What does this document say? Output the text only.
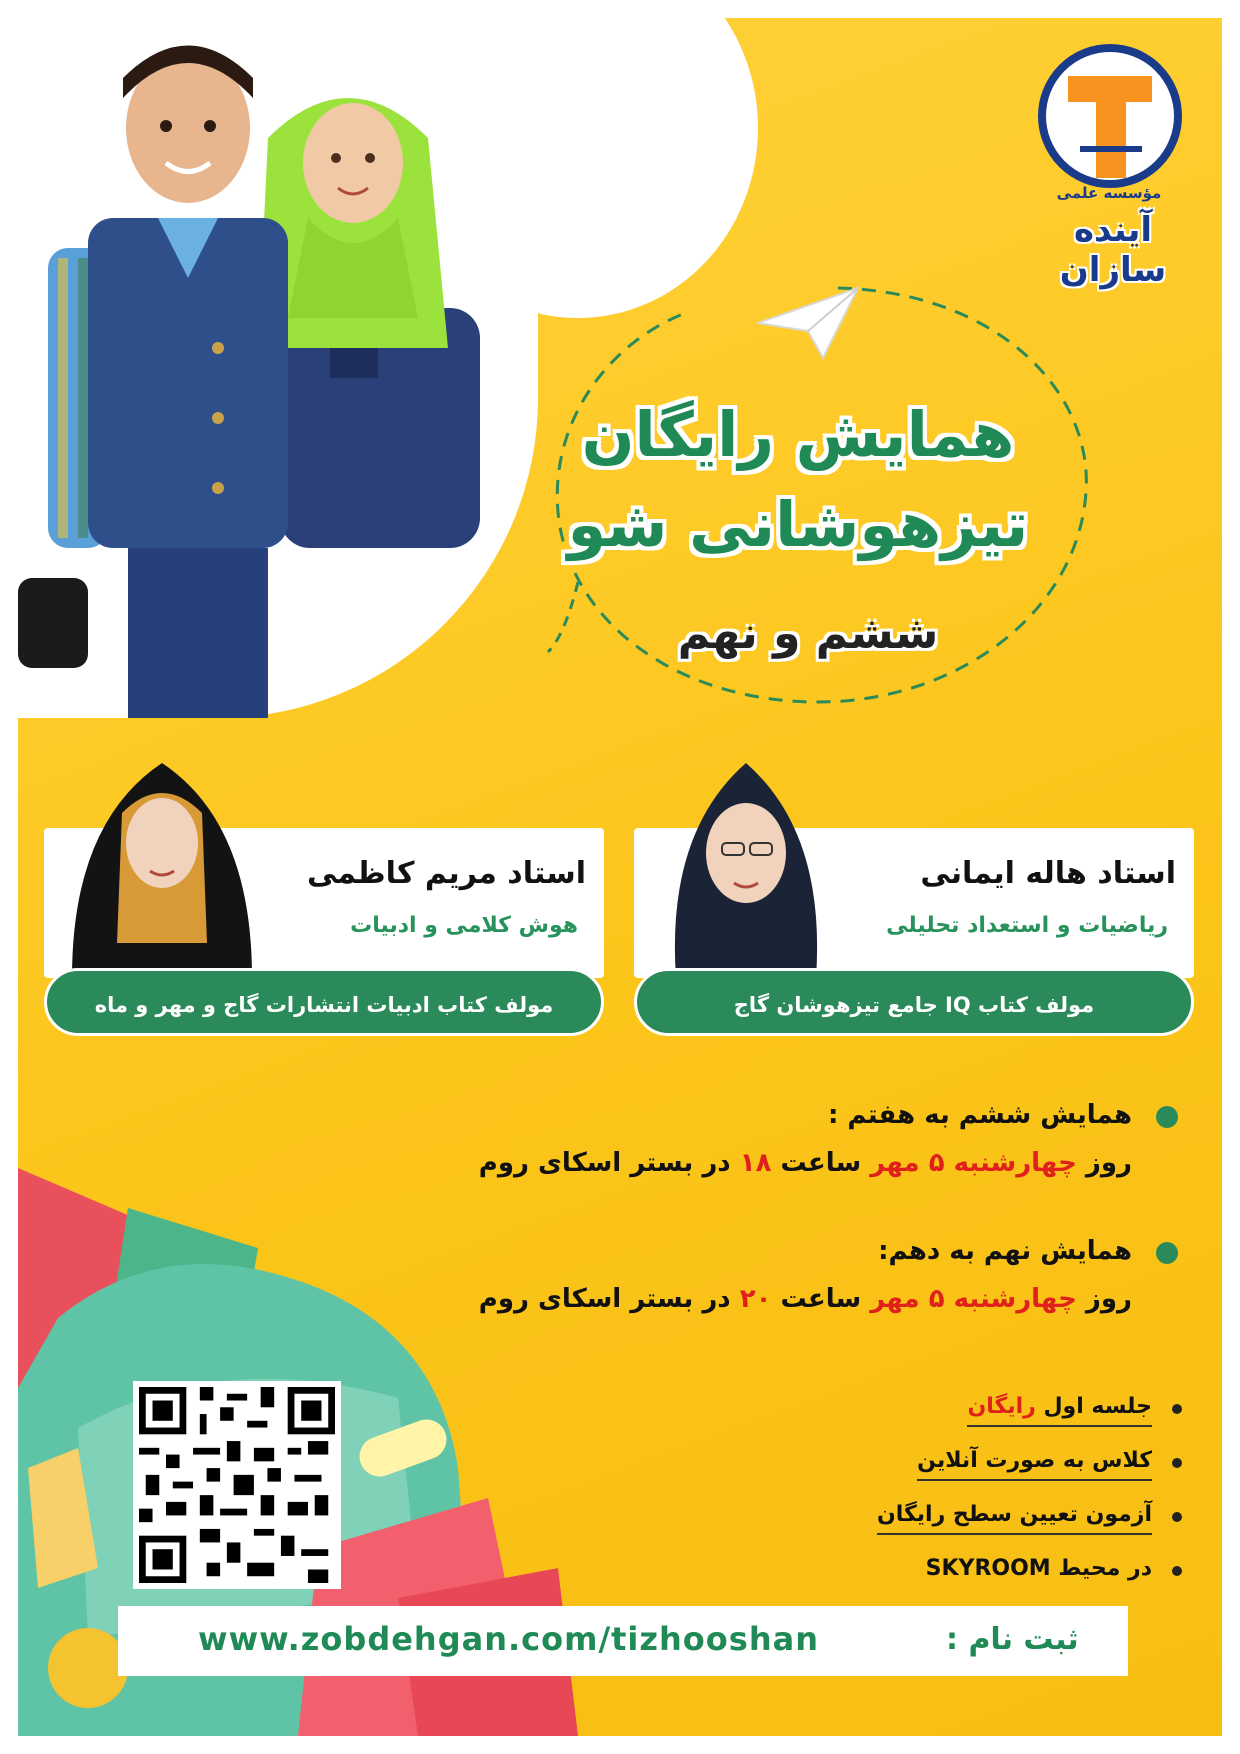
مؤسسه علمی
آینده سازان
همایش رایگان
تیزهوشانی شو
ششم و نهم
استاد هاله ایمانی
ریاضیات و استعداد تحلیلی
مولف کتاب IQ جامع تیزهوشان گاج
استاد مریم کاظمی
هوش کلامی و ادبیات
مولف کتاب ادبیات انتشارات گاج و مهر و ماه
همایش ششم به هفتم :
روز چهارشنبه ۵ مهر ساعت ۱۸ در بستر اسکای روم
همایش نهم به دهم:
روز چهارشنبه ۵ مهر ساعت ۲۰ در بستر اسکای روم
جلسه اول رایگان
کلاس به صورت آنلاین
آزمون تعیین سطح رایگان
در محیط SKYROOM
www.zobdehgan.com/tizhooshan	ثبت نام :
